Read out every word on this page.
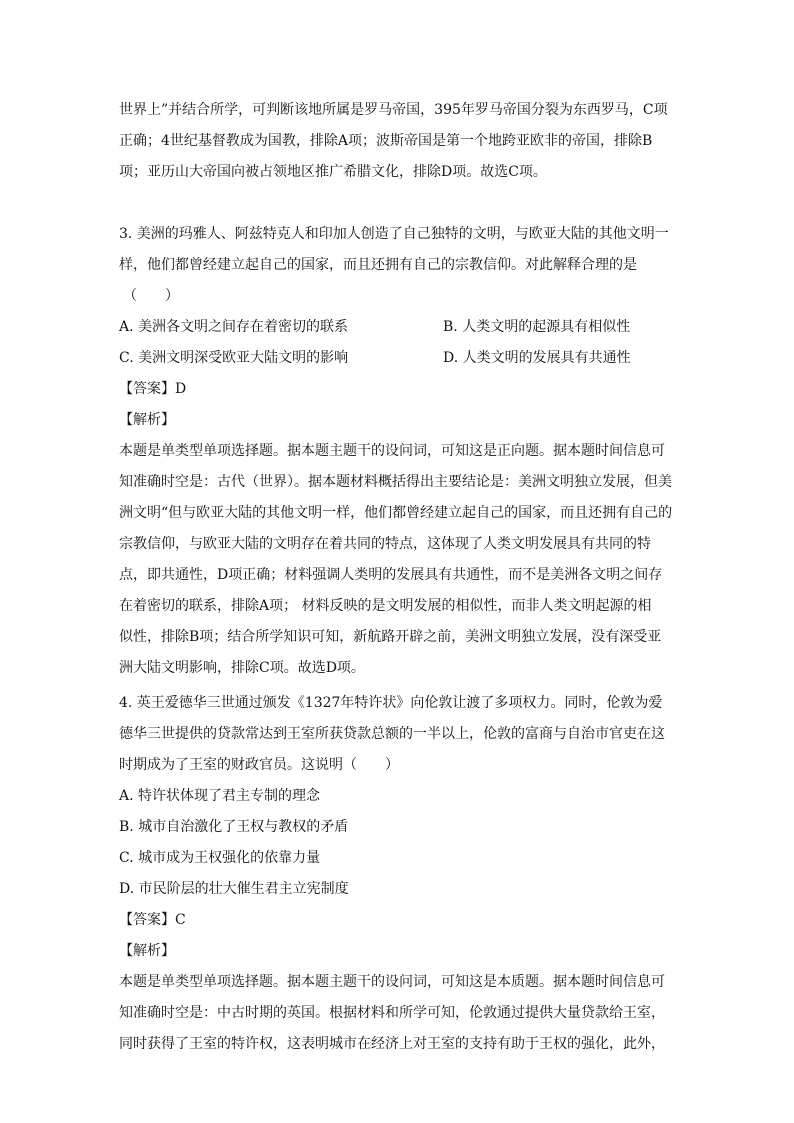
世界上”并结合所学，可判断该地所属是罗马帝国，395年罗马帝国分裂为东西罗马，C项
正确；4世纪基督教成为国教，排除A项；波斯帝国是第一个地跨亚欧非的帝国，排除B
项；亚历山大帝国向被占领地区推广希腊文化，排除D项。故选C项。
3. 美洲的玛雅人、阿兹特克人和印加人创造了自己独特的文明，与欧亚大陆的其他文明一
样，他们都曾经建立起自己的国家，而且还拥有自己的宗教信仰。对此解释合理的是
（　　）
A. 美洲各文明之间存在着密切的联系	B. 人类文明的起源具有相似性
C. 美洲文明深受欧亚大陆文明的影响	D. 人类文明的发展具有共通性
【答案】D
【解析】
本题是单类型单项选择题。据本题主题干的设问词，可知这是正向题。据本题时间信息可
知准确时空是：古代（世界）。据本题材料概括得出主要结论是：美洲文明独立发展，但美
洲文明“但与欧亚大陆的其他文明一样，他们都曾经建立起自己的国家，而且还拥有自己的
宗教信仰，与欧亚大陆的文明存在着共同的特点，这体现了人类文明发展具有共同的特
点，即共通性，D项正确；材料强调人类明的发展具有共通性，而不是美洲各文明之间存
在着密切的联系，排除A项； 材料反映的是文明发展的相似性，而非人类文明起源的相
似性，排除B项；结合所学知识可知，新航路开辟之前，美洲文明独立发展，没有深受亚
洲大陆文明影响，排除C项。故选D项。
4. 英王爱德华三世通过颁发《1327年特许状》向伦敦让渡了多项权力。同时，伦敦为爱
德华三世提供的贷款常达到王室所获贷款总额的一半以上，伦敦的富商与自治市官吏在这
时期成为了王室的财政官员。这说明（　　）
A. 特许状体现了君主专制的理念
B. 城市自治激化了王权与教权的矛盾
C. 城市成为王权强化的依靠力量
D. 市民阶层的壮大催生君主立宪制度
【答案】C
【解析】
本题是单类型单项选择题。据本题主题干的设问词，可知这是本质题。据本题时间信息可
知准确时空是：中古时期的英国。根据材料和所学可知，伦敦通过提供大量贷款给王室，
同时获得了王室的特许权，这表明城市在经济上对王室的支持有助于王权的强化，此外，
